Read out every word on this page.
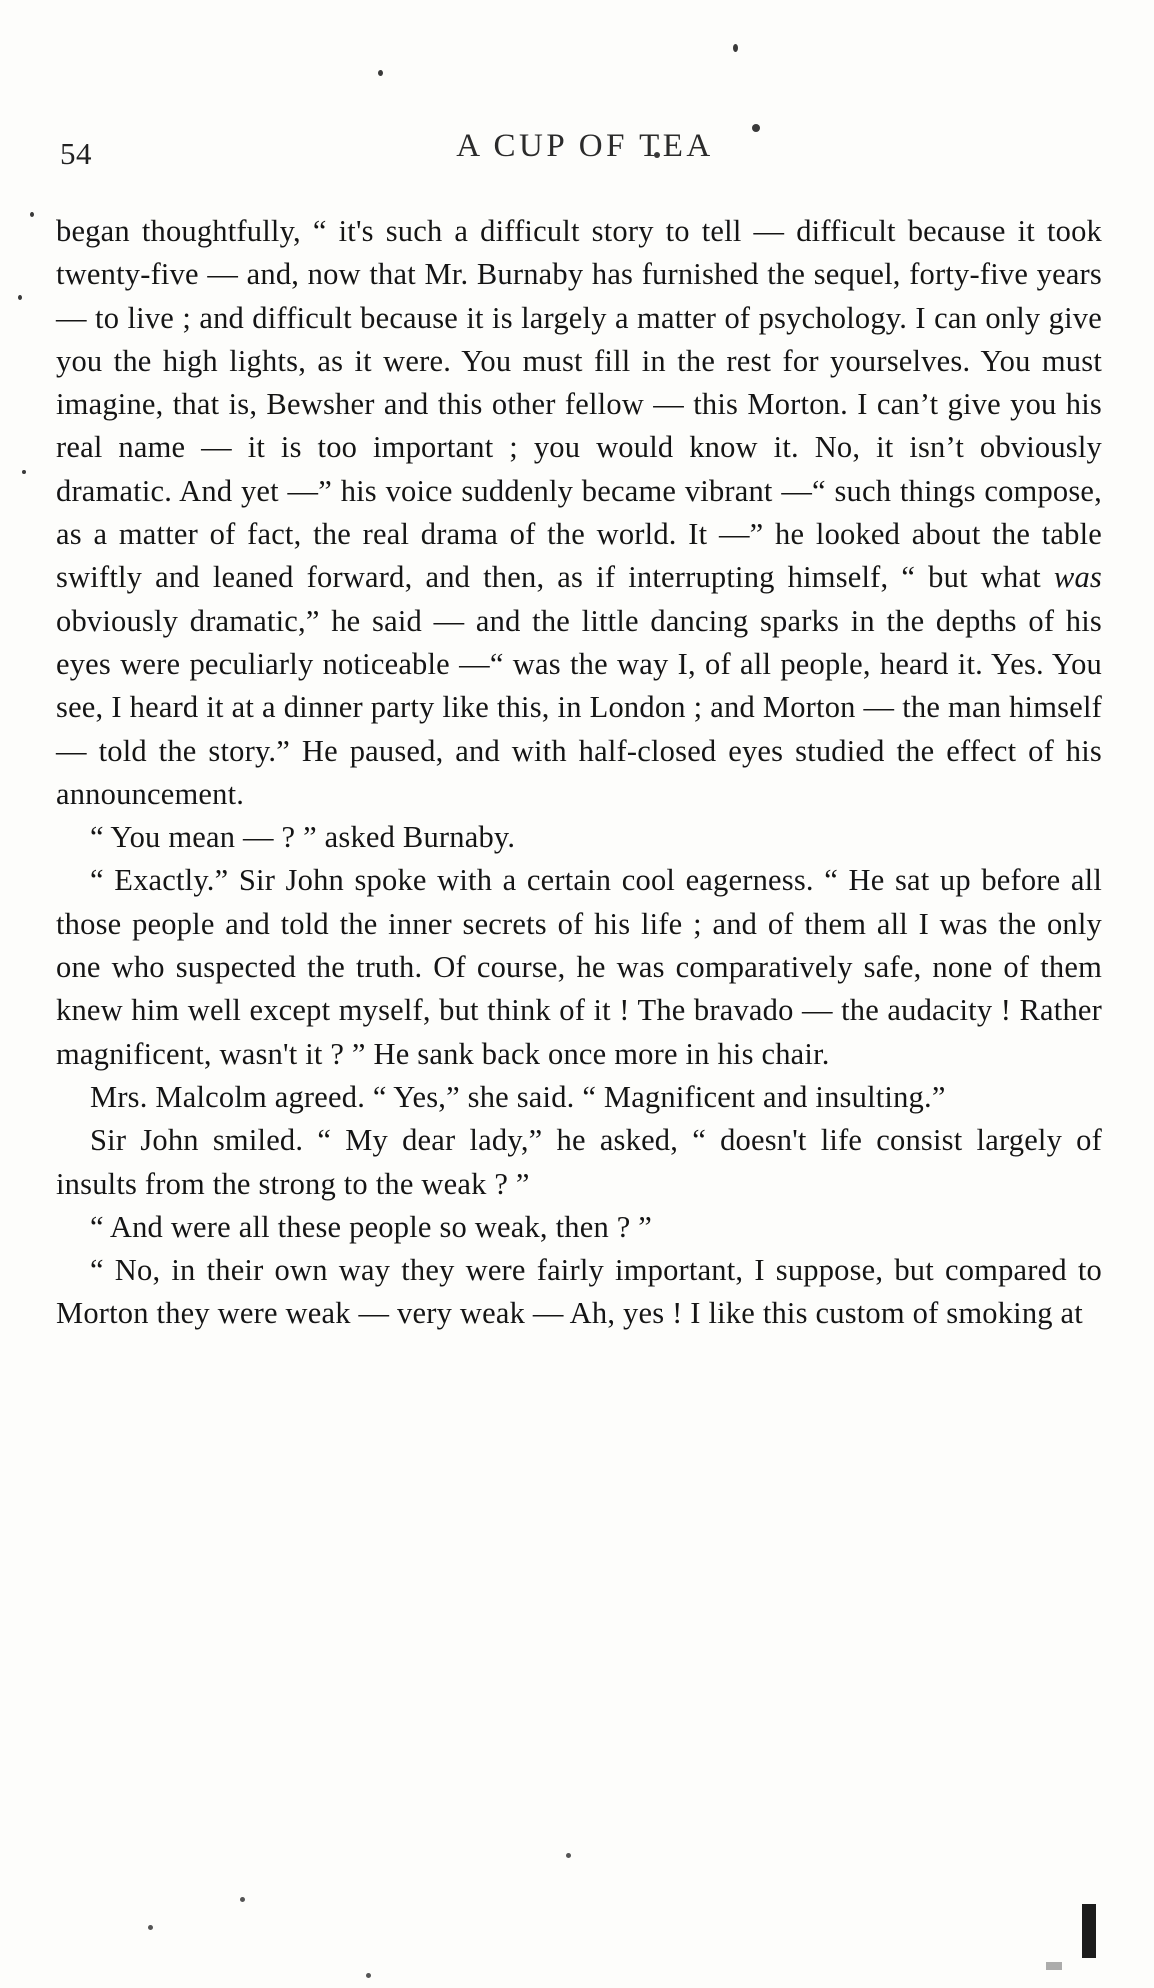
54	A CUP OF TEA

began thoughtfully, “ it's such a difficult story to tell — difficult because it took twenty-five — and, now that Mr. Burnaby has furnished the sequel, forty-five years — to live ; and difficult because it is largely a matter of psychology. I can only give you the high lights, as it were. You must fill in the rest for yourselves. You must imagine, that is, Bewsher and this other fellow — this Morton. I can’t give you his real name — it is too important ; you would know it. No, it isn’t obviously dramatic. And yet —” his voice suddenly became vibrant —“ such things compose, as a matter of fact, the real drama of the world. It —” he looked about the table swiftly and leaned forward, and then, as if interrupting himself, “ but what was obviously dramatic,” he said — and the little dancing sparks in the depths of his eyes were peculiarly noticeable —“ was the way I, of all people, heard it. Yes. You see, I heard it at a dinner party like this, in London ; and Morton — the man himself — told the story.” He paused, and with half-closed eyes studied the effect of his announcement.

“ You mean — ? ” asked Burnaby.

“ Exactly.” Sir John spoke with a certain cool eagerness. “ He sat up before all those people and told the inner secrets of his life ; and of them all I was the only one who suspected the truth. Of course, he was comparatively safe, none of them knew him well except myself, but think of it ! The bravado — the audacity ! Rather magnificent, wasn't it ? ” He sank back once more in his chair.

Mrs. Malcolm agreed. “ Yes,” she said. “ Magnificent and insulting.”

Sir John smiled. “ My dear lady,” he asked, “ doesn't life consist largely of insults from the strong to the weak ? ”

“ And were all these people so weak, then ? ”

“ No, in their own way they were fairly important, I suppose, but compared to Morton they were weak — very weak — Ah, yes ! I like this custom of smoking at
